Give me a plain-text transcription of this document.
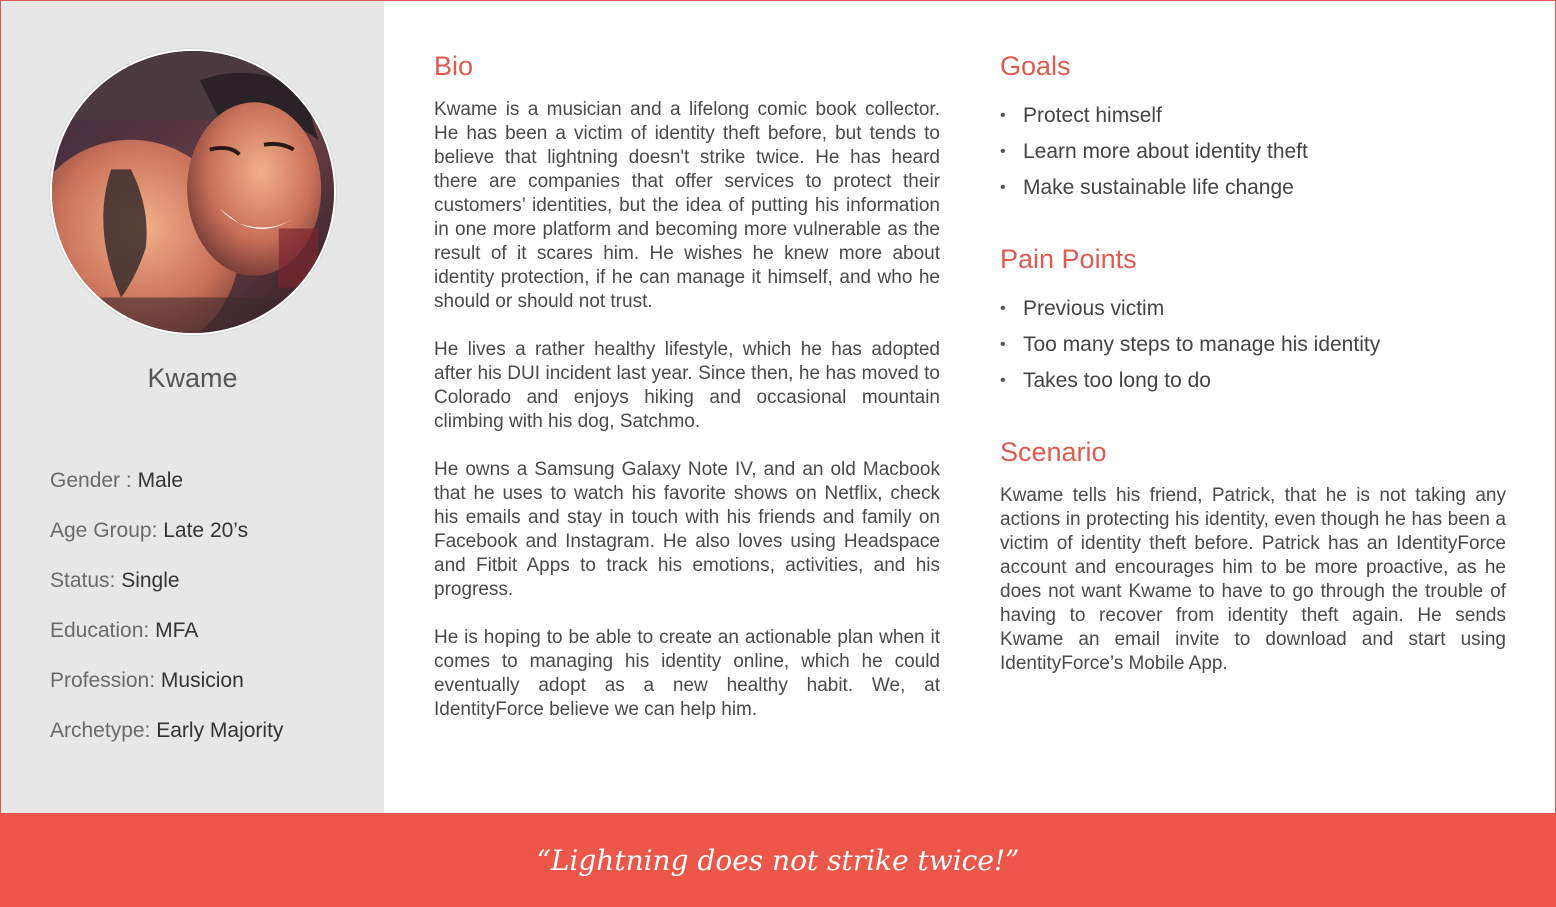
Kwame
Gender : Male
Age Group: Late 20’s
Status: Single
Education: MFA
Profession: Musicion
Archetype: Early Majority
Bio

Kwame is a musician and a lifelong comic book collector. He has been a victim of identity theft before, but tends to believe that lightning doesn't strike twice. He has heard there are companies that offer services to protect their customers’ identities, but the idea of putting his information in one more platform and becoming more vulnerable as the result of it scares him. He wishes he knew more about identity protection, if he can manage it himself, and who he should or should not trust.

He lives a rather healthy lifestyle, which he has adopted after his DUI incident last year. Since then, he has moved to Colorado and enjoys hiking and occasional mountain climbing with his dog, Satchmo.

He owns a Samsung Galaxy Note IV, and an old Macbook that he uses to watch his favorite shows on Netflix, check his emails and stay in touch with his friends and family on Facebook and Instagram. He also loves using Headspace and Fitbit Apps to track his emotions, activities, and his progress.

He is hoping to be able to create an actionable plan when it comes to managing his identity online, which he could eventually adopt as a new healthy habit. We, at IdentityForce believe we can help him.

Goals
• Protect himself
• Learn more about identity theft
• Make sustainable life change
Pain Points
• Previous victim
• Too many steps to manage his identity
• Takes too long to do
Scenario

Kwame tells his friend, Patrick, that he is not taking any actions in protecting his identity, even though he has been a victim of identity theft before. Patrick has an IdentityForce account and encourages him to be more proactive, as he does not want Kwame to have to go through the trouble of having to recover from identity theft again. He sends Kwame an email invite to download and start using IdentityForce’s Mobile App.

“Lightning does not strike twice!”
